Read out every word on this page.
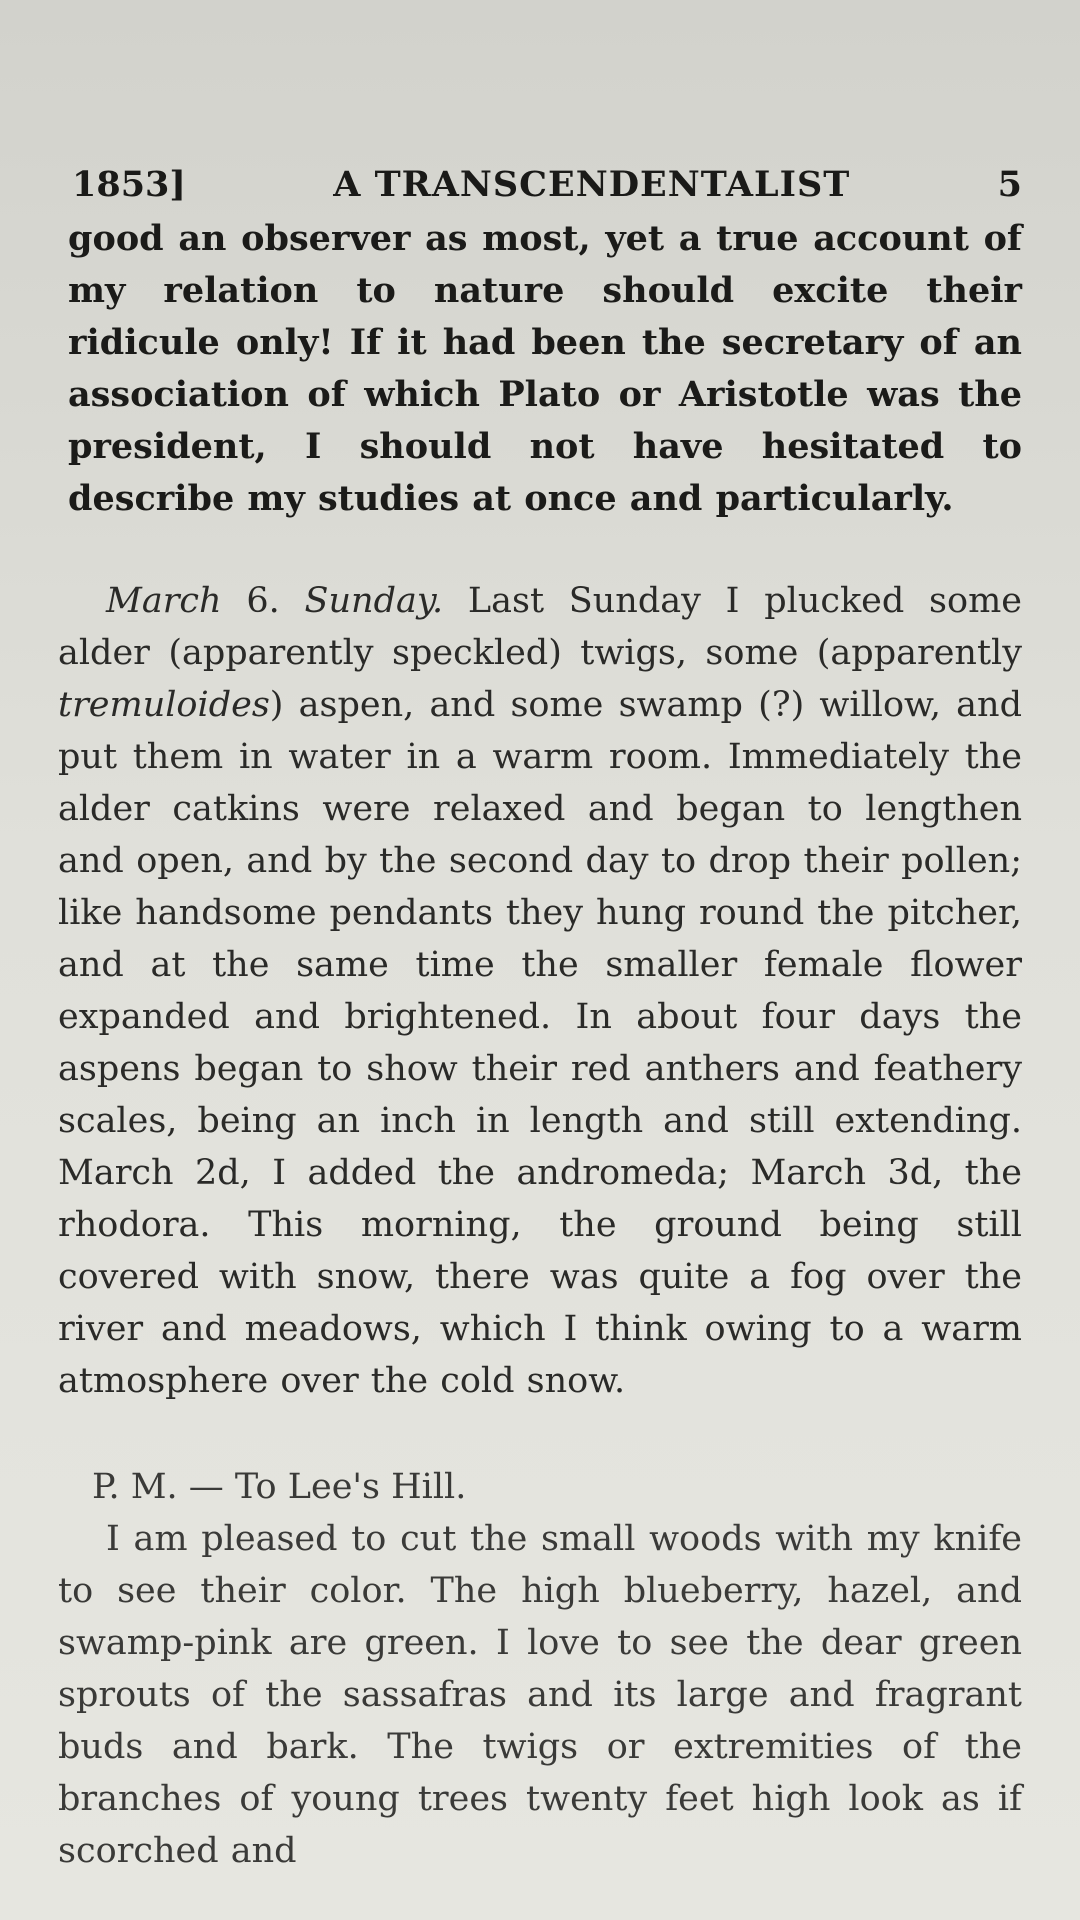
1853]	A TRANSCENDENTALIST	5

good an observer as most, yet a true account of my relation to nature should excite their ridicule only! If it had been the secretary of an association of which Plato or Aristotle was the president, I should not have hesitated to describe my studies at once and particularly.

March 6. Sunday. Last Sunday I plucked some alder (apparently speckled) twigs, some (apparently tremuloides) aspen, and some swamp (?) willow, and put them in water in a warm room. Immediately the alder catkins were relaxed and began to lengthen and open, and by the second day to drop their pollen; like handsome pendants they hung round the pitcher, and at the same time the smaller female flower expanded and brightened. In about four days the aspens began to show their red anthers and feathery scales, being an inch in length and still extending. March 2d, I added the andromeda; March 3d, the rhodora. This morning, the ground being still covered with snow, there was quite a fog over the river and meadows, which I think owing to a warm atmosphere over the cold snow.

P. M. — To Lee's Hill.

I am pleased to cut the small woods with my knife to see their color. The high blueberry, hazel, and swamp-pink are green. I love to see the dear green sprouts of the sassafras and its large and fragrant buds and bark. The twigs or extremities of the branches of young trees twenty feet high look as if scorched and
